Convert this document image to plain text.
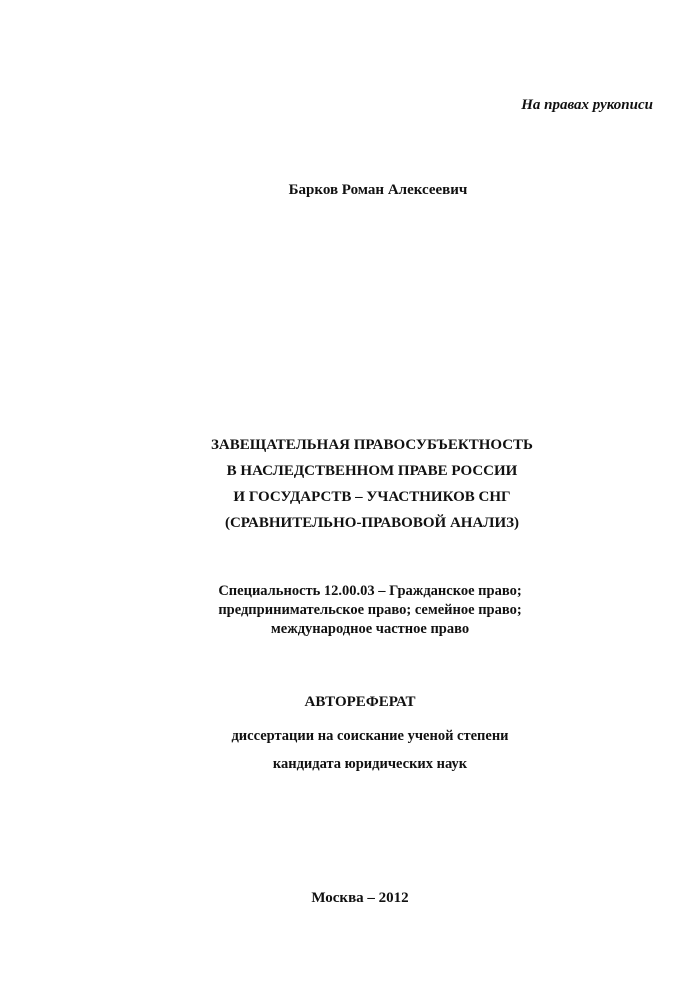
На правах рукописи
Барков Роман Алексеевич
ЗАВЕЩАТЕЛЬНАЯ ПРАВОСУБЪЕКТНОСТЬ
В НАСЛЕДСТВЕННОМ ПРАВЕ РОССИИ
И ГОСУДАРСТВ – УЧАСТНИКОВ СНГ
(СРАВНИТЕЛЬНО-ПРАВОВОЙ АНАЛИЗ)
Специальность 12.00.03 – Гражданское право;
предпринимательское право; семейное право;
международное частное право
АВТОРЕФЕРАТ
диссертации на соискание ученой степени
кандидата юридических наук
Москва – 2012
